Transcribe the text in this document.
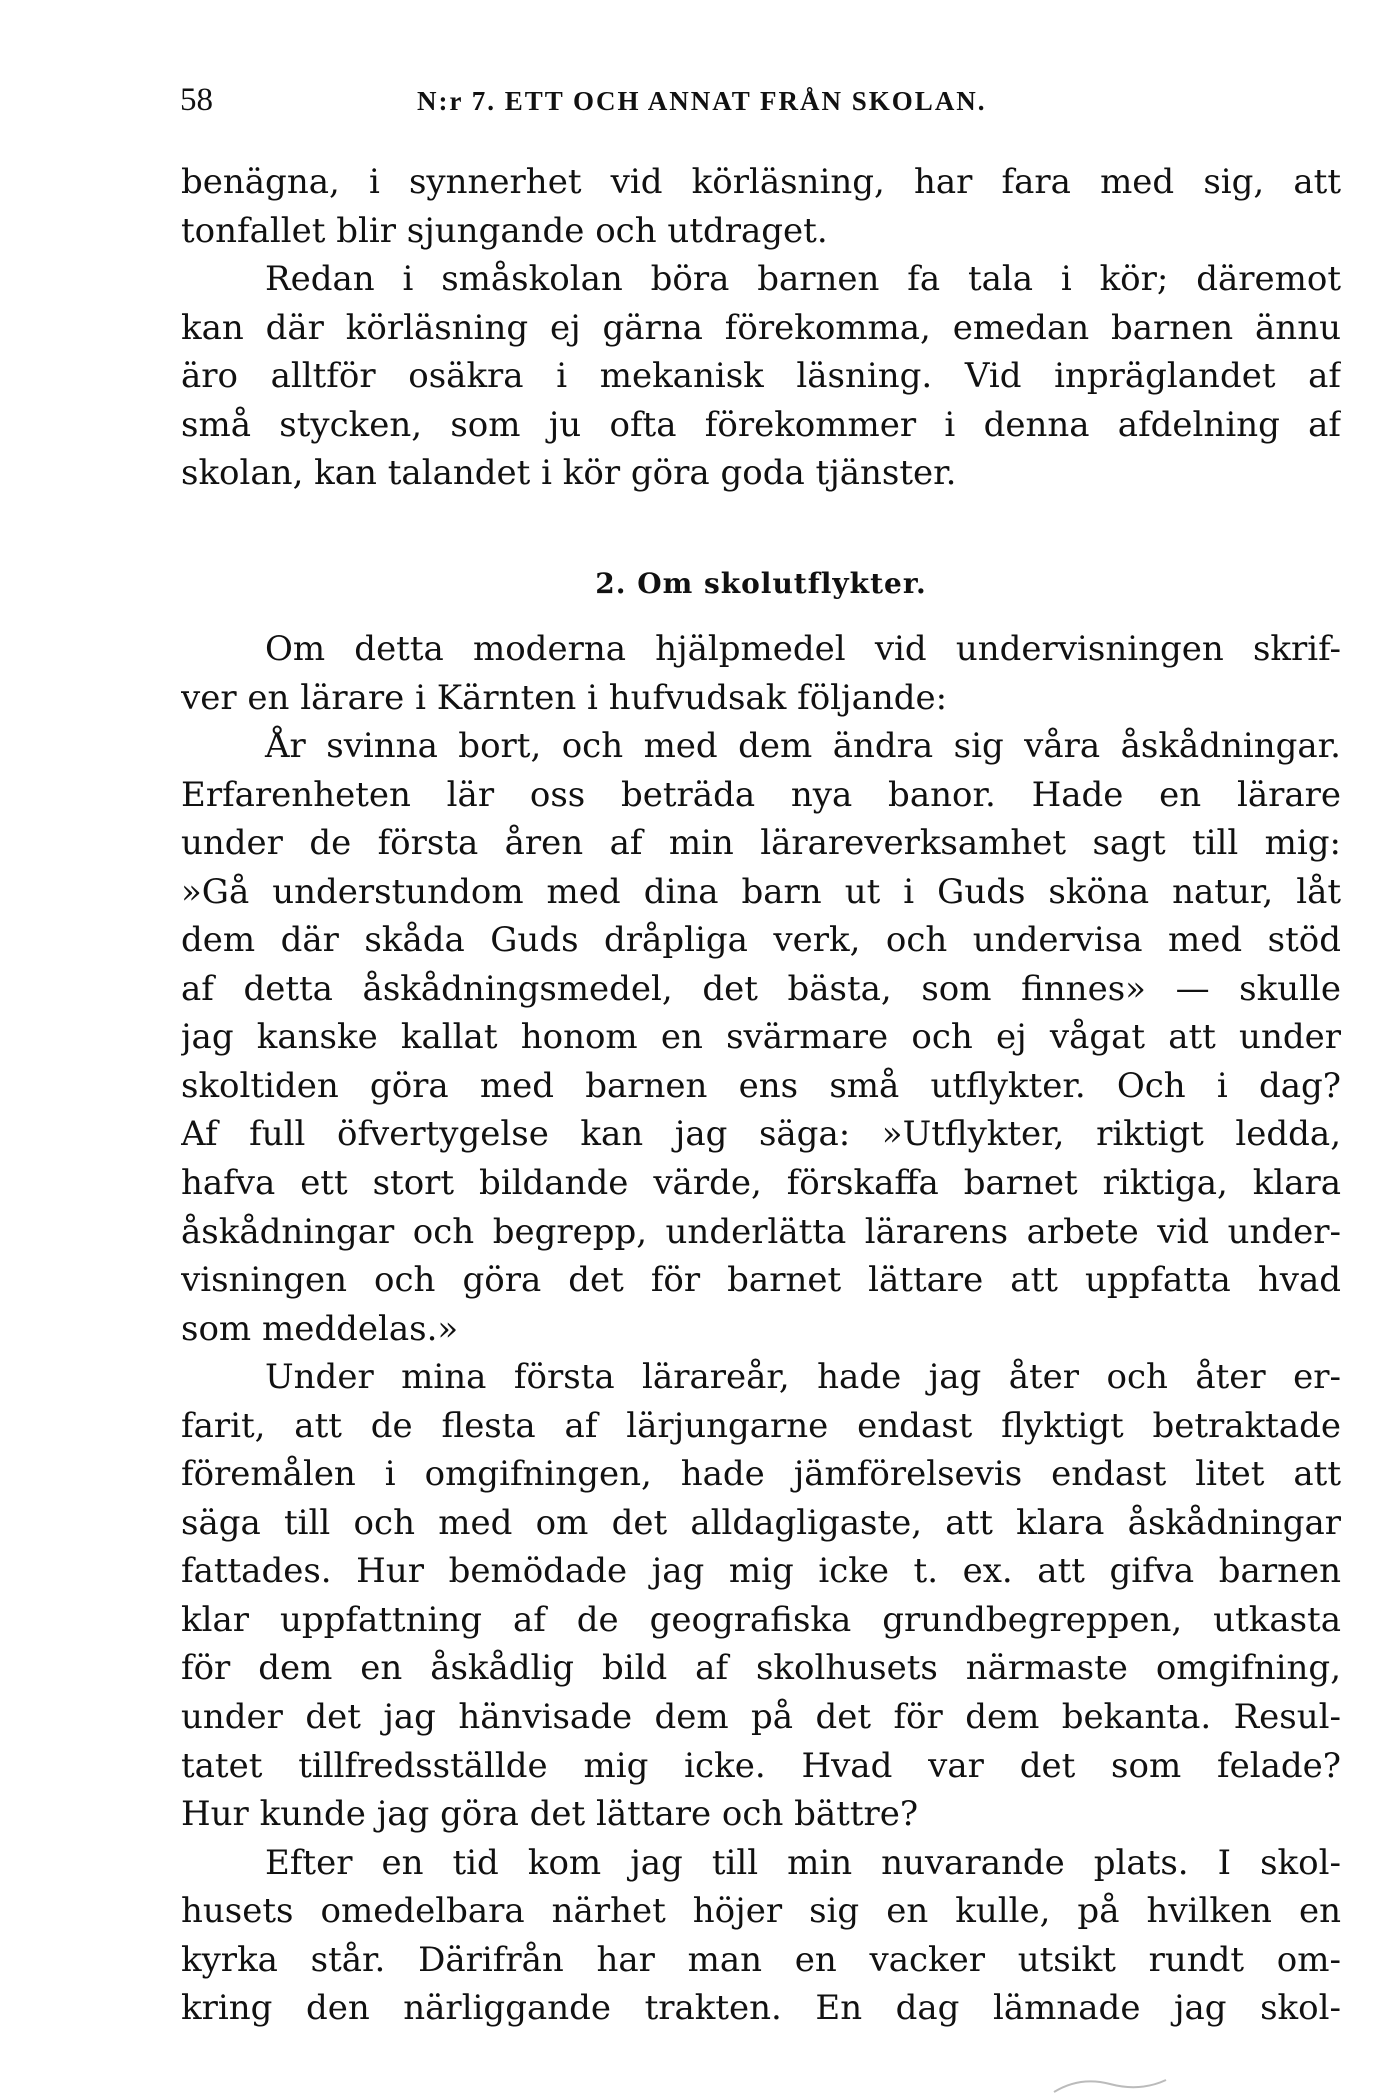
58	N:r 7. ETT OCH ANNAT FRÅN SKOLAN.
benägna, i synnerhet vid körläsning, har fara med sig, att
tonfallet blir sjungande och utdraget.
Redan i småskolan böra barnen fa tala i kör; däremot
kan där körläsning ej gärna förekomma, emedan barnen ännu
äro alltför osäkra i mekanisk läsning. Vid inpräglandet af
små stycken, som ju ofta förekommer i denna afdelning af
skolan, kan talandet i kör göra goda tjänster.
2. Om skolutflykter.
Om detta moderna hjälpmedel vid undervisningen skrif-
ver en lärare i Kärnten i hufvudsak följande:
År svinna bort, och med dem ändra sig våra åskådningar.
Erfarenheten lär oss beträda nya banor. Hade en lärare
under de första åren af min lärareverksamhet sagt till mig:
»Gå understundom med dina barn ut i Guds sköna natur, låt
dem där skåda Guds dråpliga verk, och undervisa med stöd
af detta åskådningsmedel, det bästa, som finnes» — skulle
jag kanske kallat honom en svärmare och ej vågat att under
skoltiden göra med barnen ens små utflykter. Och i dag?
Af full öfvertygelse kan jag säga: »Utflykter, riktigt ledda,
hafva ett stort bildande värde, förskaffa barnet riktiga, klara
åskådningar och begrepp, underlätta lärarens arbete vid under-
visningen och göra det för barnet lättare att uppfatta hvad
som meddelas.»
Under mina första lärareår, hade jag åter och åter er-
farit, att de flesta af lärjungarne endast flyktigt betraktade
föremålen i omgifningen, hade jämförelsevis endast litet att
säga till och med om det alldagligaste, att klara åskådningar
fattades. Hur bemödade jag mig icke t. ex. att gifva barnen
klar uppfattning af de geografiska grundbegreppen, utkasta
för dem en åskådlig bild af skolhusets närmaste omgifning,
under det jag hänvisade dem på det för dem bekanta. Resul-
tatet tillfredsställde mig icke. Hvad var det som felade?
Hur kunde jag göra det lättare och bättre?
Efter en tid kom jag till min nuvarande plats. I skol-
husets omedelbara närhet höjer sig en kulle, på hvilken en
kyrka står. Därifrån har man en vacker utsikt rundt om-
kring den närliggande trakten. En dag lämnade jag skol-
